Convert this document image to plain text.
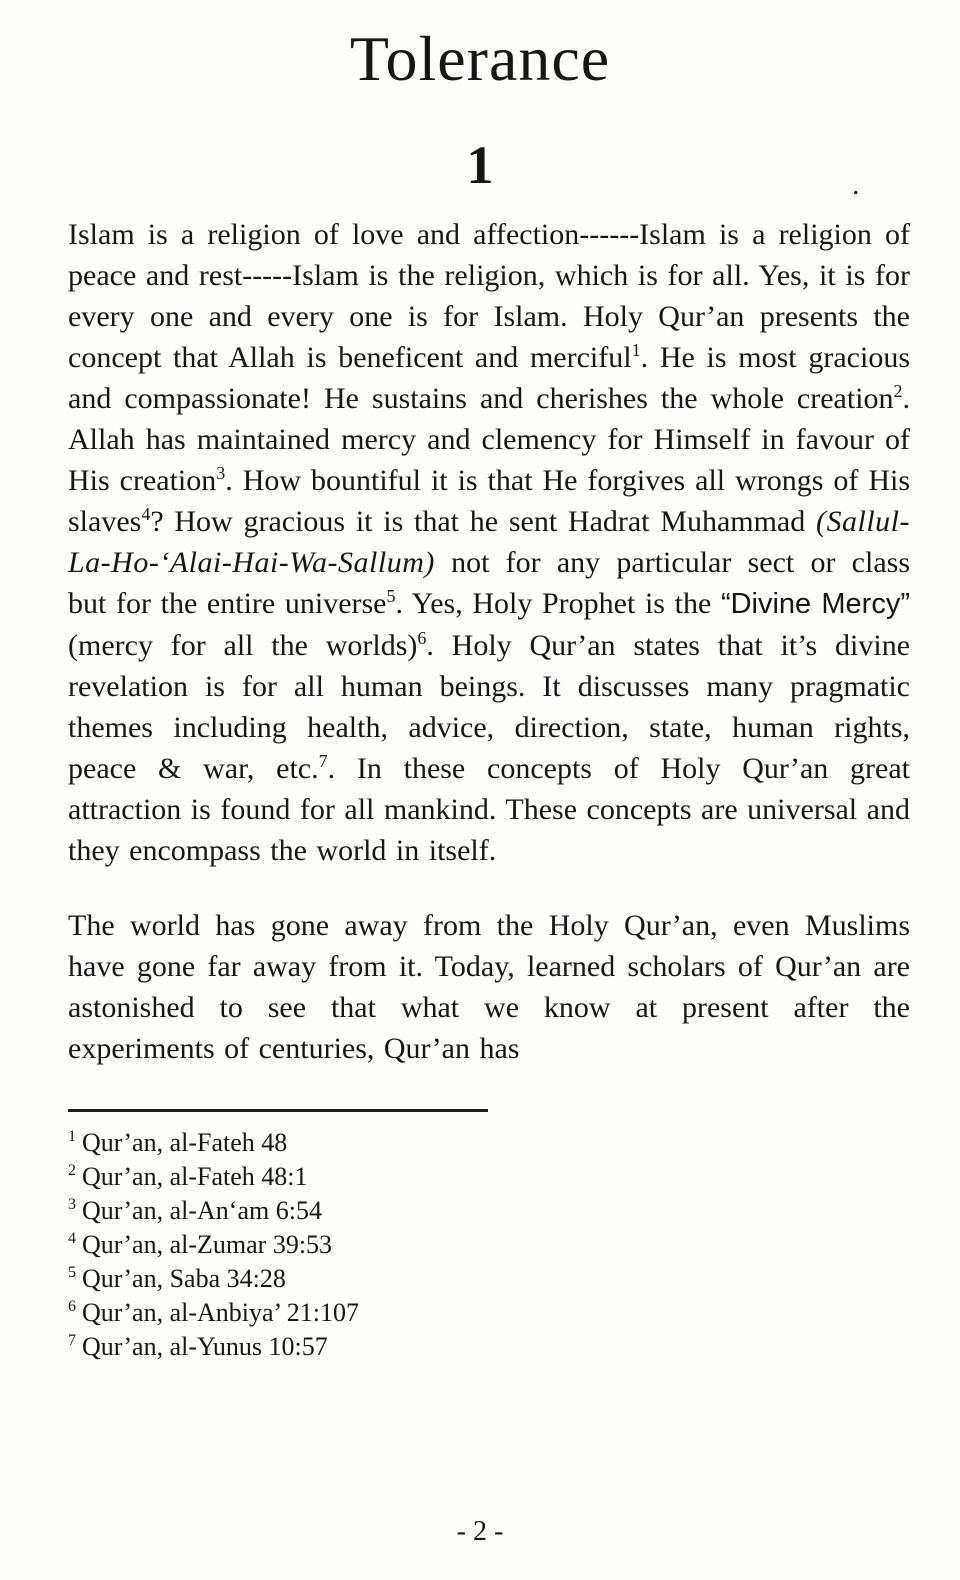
Tolerance
1	.

Islam is a religion of love and affection------Islam is a religion of peace and rest-----Islam is the religion, which is for all. Yes, it is for every one and every one is for Islam. Holy Qur’an presents the concept that Allah is beneficent and merciful$^1$. He is most gracious and compassionate! He sustains and cherishes the whole creation$^2$. Allah has maintained mercy and clemency for Himself in favour of His creation$^3$. How bountiful it is that He forgives all wrongs of His slaves$^4$? How gracious it is that he sent Hadrat Muhammad (Sallul-La-Ho-‘Alai-Hai-Wa-Sallum) not for any particular sect or class but for the entire universe$^5$. Yes, Holy Prophet is the “Divine Mercy” (mercy for all the worlds)$^6$. Holy Qur’an states that it’s divine revelation is for all human beings. It discusses many pragmatic themes including health, advice, direction, state, human rights, peace & war, etc.$^7$. In these concepts of Holy Qur’an great attraction is found for all mankind. These concepts are universal and they encompass the world in itself.

The world has gone away from the Holy Qur’an, even Muslims have gone far away from it. Today, learned scholars of Qur’an are astonished to see that what we know at present after the experiments of centuries, Qur’an has

$^1$ Qur’an, al-Fateh 48
$^2$ Qur’an, al-Fateh 48:1
$^3$ Qur’an, al-An‘am 6:54
$^4$ Qur’an, al-Zumar 39:53
$^5$ Qur’an, Saba 34:28
$^6$ Qur’an, al-Anbiya’ 21:107
$^7$ Qur’an, al-Yunus 10:57
- 2 -
